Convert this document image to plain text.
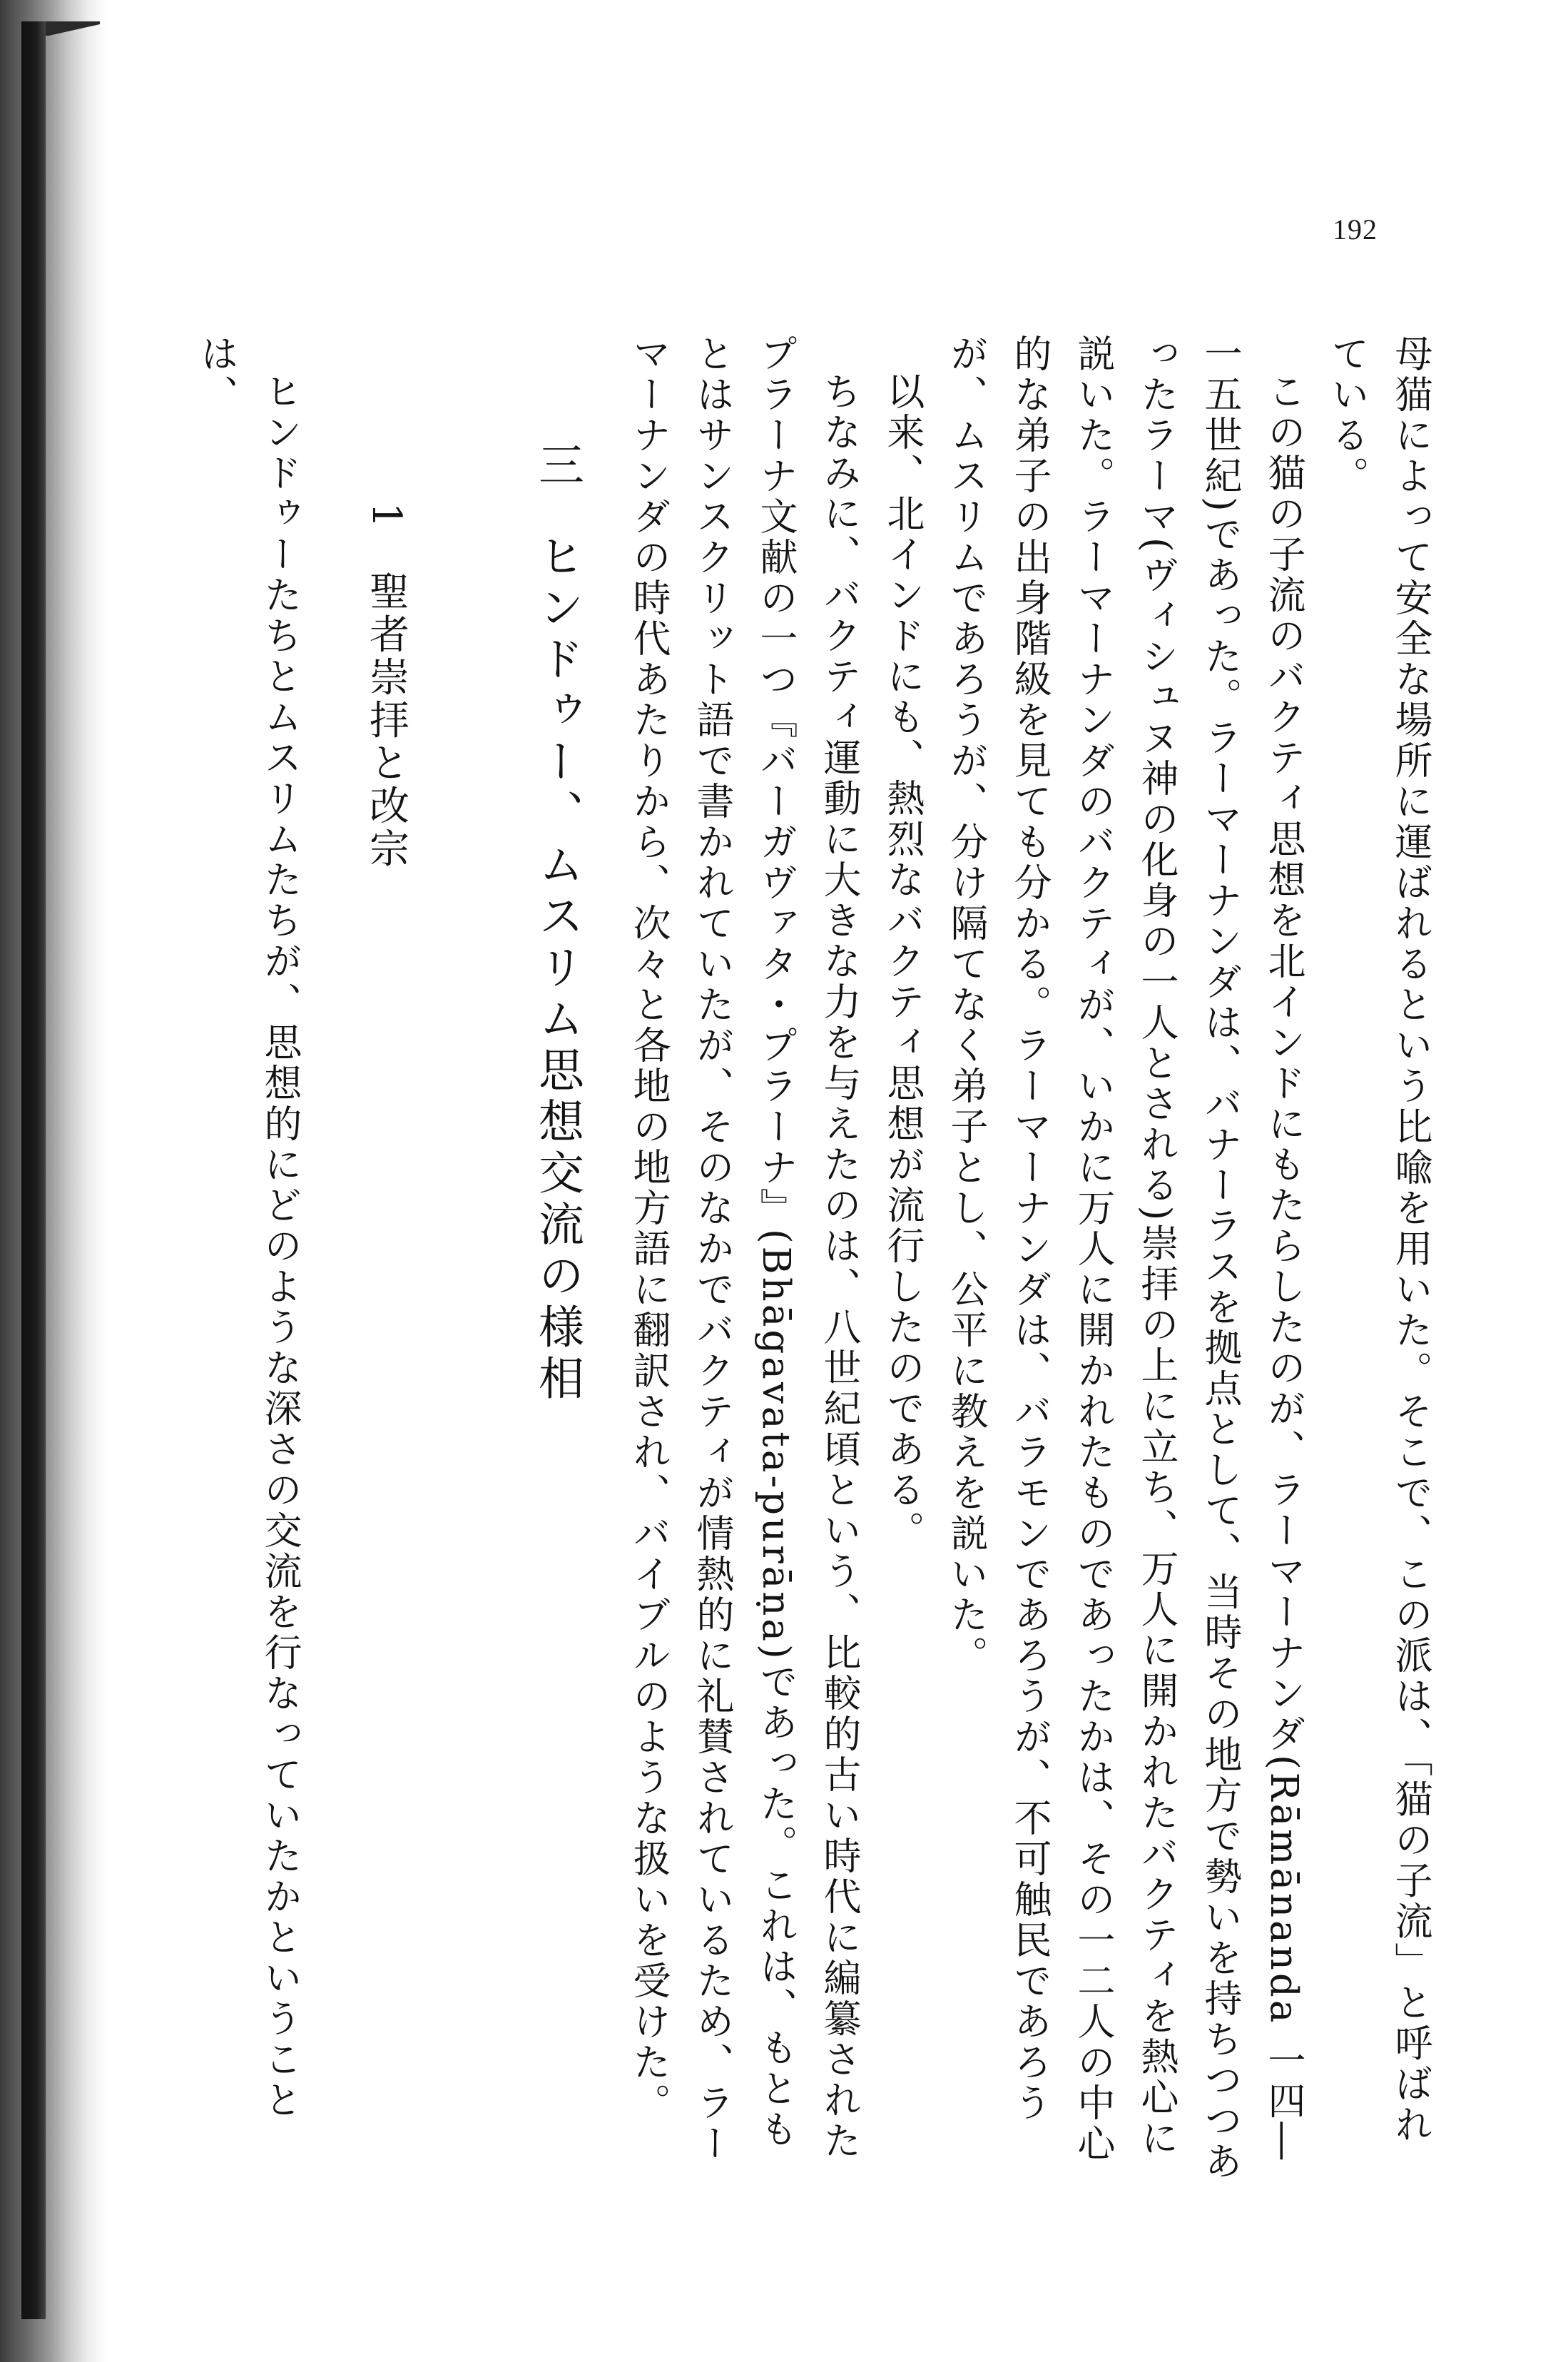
192

母猫によって安全な場所に運ばれるという比喩を用いた。そこで、この派は、「猫の子流」と呼ばれている。

この猫の子流のバクティ思想を北インドにもたらしたのが、ラーマーナンダ(Rāmānanda 一四―一五世紀)であった。ラーマーナンダは、バナーラスを拠点として、当時その地方で勢いを持ちつつあったラーマ(ヴィシュヌ神の化身の一人とされる)崇拝の上に立ち、万人に開かれたバクティを熱心に説いた。ラーマーナンダのバクティが、いかに万人に開かれたものであったかは、その一二人の中心的な弟子の出身階級を見ても分かる。ラーマーナンダは、バラモンであろうが、不可触民であろうが、ムスリムであろうが、分け隔てなく弟子とし、公平に教えを説いた。

以来、北インドにも、熱烈なバクティ思想が流行したのである。

ちなみに、バクティ運動に大きな力を与えたのは、八世紀頃という、比較的古い時代に編纂されたプラーナ文献の一つ『バーガヴァタ・プラーナ』(Bhāgavata-purāṇa)であった。これは、もともとはサンスクリット語で書かれていたが、そのなかでバクティが情熱的に礼賛されているため、ラーマーナンダの時代あたりから、次々と各地の地方語に翻訳され、バイブルのような扱いを受けた。

三ヒンドゥー、ムスリム思想交流の様相
1聖者崇拝と改宗

ヒンドゥーたちとムスリムたちが、思想的にどのような深さの交流を行なっていたかということは、
